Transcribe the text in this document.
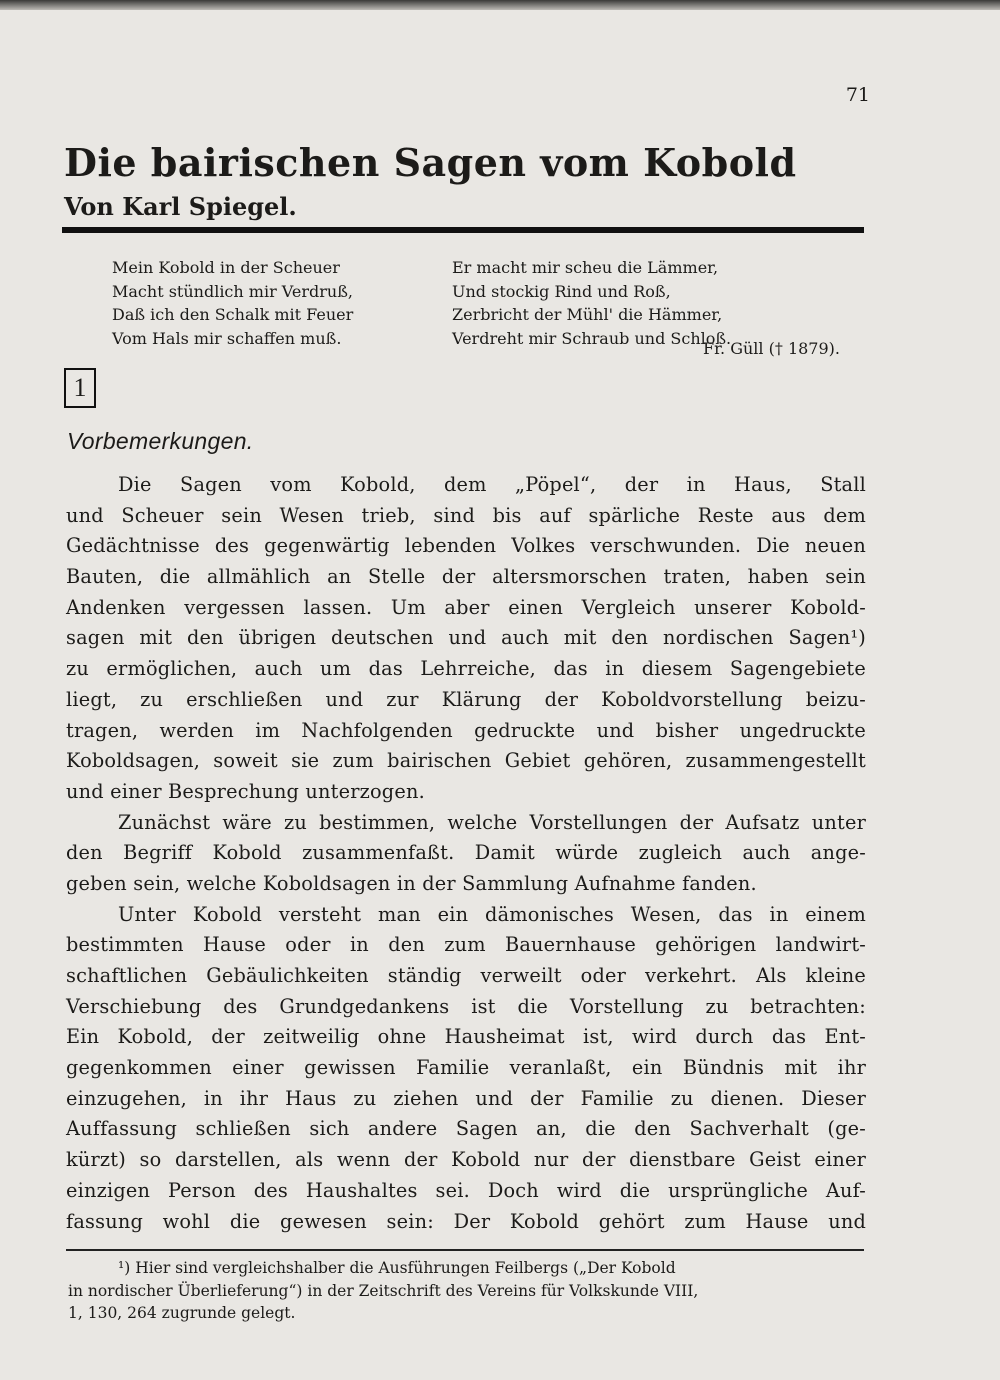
71
Die bairischen Sagen vom Kobold
Von Karl Spiegel.
Mein Kobold in der Scheuer
Macht stündlich mir Verdruß,
Daß ich den Schalk mit Feuer
Vom Hals mir schaffen muß.
Er macht mir scheu die Lämmer,
Und stockig Rind und Roß,
Zerbricht der Mühl' die Hämmer,
Verdreht mir Schraub und Schloß.
Fr. Güll († 1879).
1
Vorbemerkungen.
Die Sagen vom Kobold, dem „Pöpel“, der in Haus, Stall
und Scheuer sein Wesen trieb, sind bis auf spärliche Reste aus dem
Gedächtnisse des gegenwärtig lebenden Volkes verschwunden. Die neuen
Bauten, die allmählich an Stelle der altersmorschen traten, haben sein
Andenken vergessen lassen. Um aber einen Vergleich unserer Kobold-
sagen mit den übrigen deutschen und auch mit den nordischen Sagen¹)
zu ermöglichen, auch um das Lehrreiche, das in diesem Sagengebiete
liegt, zu erschließen und zur Klärung der Koboldvorstellung beizu-
tragen, werden im Nachfolgenden gedruckte und bisher ungedruckte
Koboldsagen, soweit sie zum bairischen Gebiet gehören, zusammengestellt
und einer Besprechung unterzogen.
Zunächst wäre zu bestimmen, welche Vorstellungen der Aufsatz unter
den Begriff Kobold zusammenfaßt. Damit würde zugleich auch ange-
geben sein, welche Koboldsagen in der Sammlung Aufnahme fanden.
Unter Kobold versteht man ein dämonisches Wesen, das in einem
bestimmten Hause oder in den zum Bauernhause gehörigen landwirt-
schaftlichen Gebäulichkeiten ständig verweilt oder verkehrt. Als kleine
Verschiebung des Grundgedankens ist die Vorstellung zu betrachten:
Ein Kobold, der zeitweilig ohne Hausheimat ist, wird durch das Ent-
gegenkommen einer gewissen Familie veranlaßt, ein Bündnis mit ihr
einzugehen, in ihr Haus zu ziehen und der Familie zu dienen. Dieser
Auffassung schließen sich andere Sagen an, die den Sachverhalt (ge-
kürzt) so darstellen, als wenn der Kobold nur der dienstbare Geist einer
einzigen Person des Haushaltes sei. Doch wird die ursprüngliche Auf-
fassung wohl die gewesen sein: Der Kobold gehört zum Hause und
¹) Hier sind vergleichshalber die Ausführungen Feilbergs („Der Kobold
in nordischer Überlieferung“) in der Zeitschrift des Vereins für Volkskunde VIII,
1, 130, 264 zugrunde gelegt.
